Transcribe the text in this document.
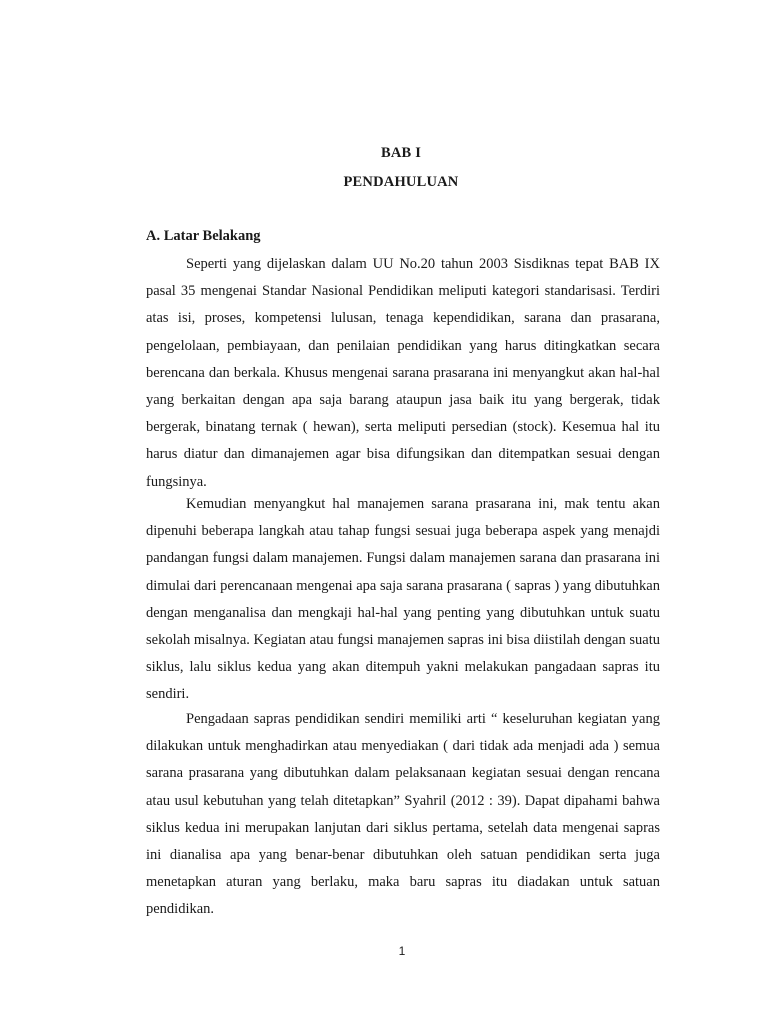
BAB I
PENDAHULUAN
A. Latar Belakang

Seperti yang dijelaskan dalam UU No.20 tahun 2003 Sisdiknas tepat BAB IX pasal 35 mengenai Standar Nasional Pendidikan meliputi kategori standarisasi. Terdiri atas isi, proses, kompetensi lulusan, tenaga kependidikan, sarana dan prasarana, pengelolaan, pembiayaan, dan penilaian pendidikan yang harus ditingkatkan secara berencana dan berkala. Khusus mengenai sarana prasarana ini menyangkut akan hal-hal yang berkaitan dengan apa saja barang ataupun jasa baik itu yang bergerak, tidak bergerak, binatang ternak ( hewan), serta meliputi persedian (stock). Kesemua hal itu harus diatur dan dimanajemen agar bisa difungsikan dan ditempatkan sesuai dengan fungsinya.

Kemudian menyangkut hal manajemen sarana prasarana ini, mak tentu akan dipenuhi beberapa langkah atau tahap fungsi sesuai juga beberapa aspek yang menajdi pandangan fungsi dalam manajemen. Fungsi dalam manajemen sarana dan prasarana ini dimulai dari perencanaan mengenai apa saja sarana prasarana ( sapras ) yang dibutuhkan dengan menganalisa dan mengkaji hal-hal yang penting yang dibutuhkan untuk suatu sekolah misalnya. Kegiatan atau fungsi manajemen sapras ini bisa diistilah dengan suatu siklus, lalu siklus kedua yang akan ditempuh yakni melakukan pangadaan sapras itu sendiri.

Pengadaan sapras pendidikan sendiri memiliki arti “ keseluruhan kegiatan yang dilakukan untuk menghadirkan atau menyediakan ( dari tidak ada menjadi ada ) semua sarana prasarana yang dibutuhkan dalam pelaksanaan kegiatan sesuai dengan rencana atau usul kebutuhan yang telah ditetapkan” Syahril (2012 : 39). Dapat dipahami bahwa siklus kedua ini merupakan lanjutan dari siklus pertama, setelah data mengenai sapras ini dianalisa apa yang benar-benar dibutuhkan oleh satuan pendidikan serta juga menetapkan aturan yang berlaku, maka baru sapras itu diadakan untuk satuan pendidikan.

1
